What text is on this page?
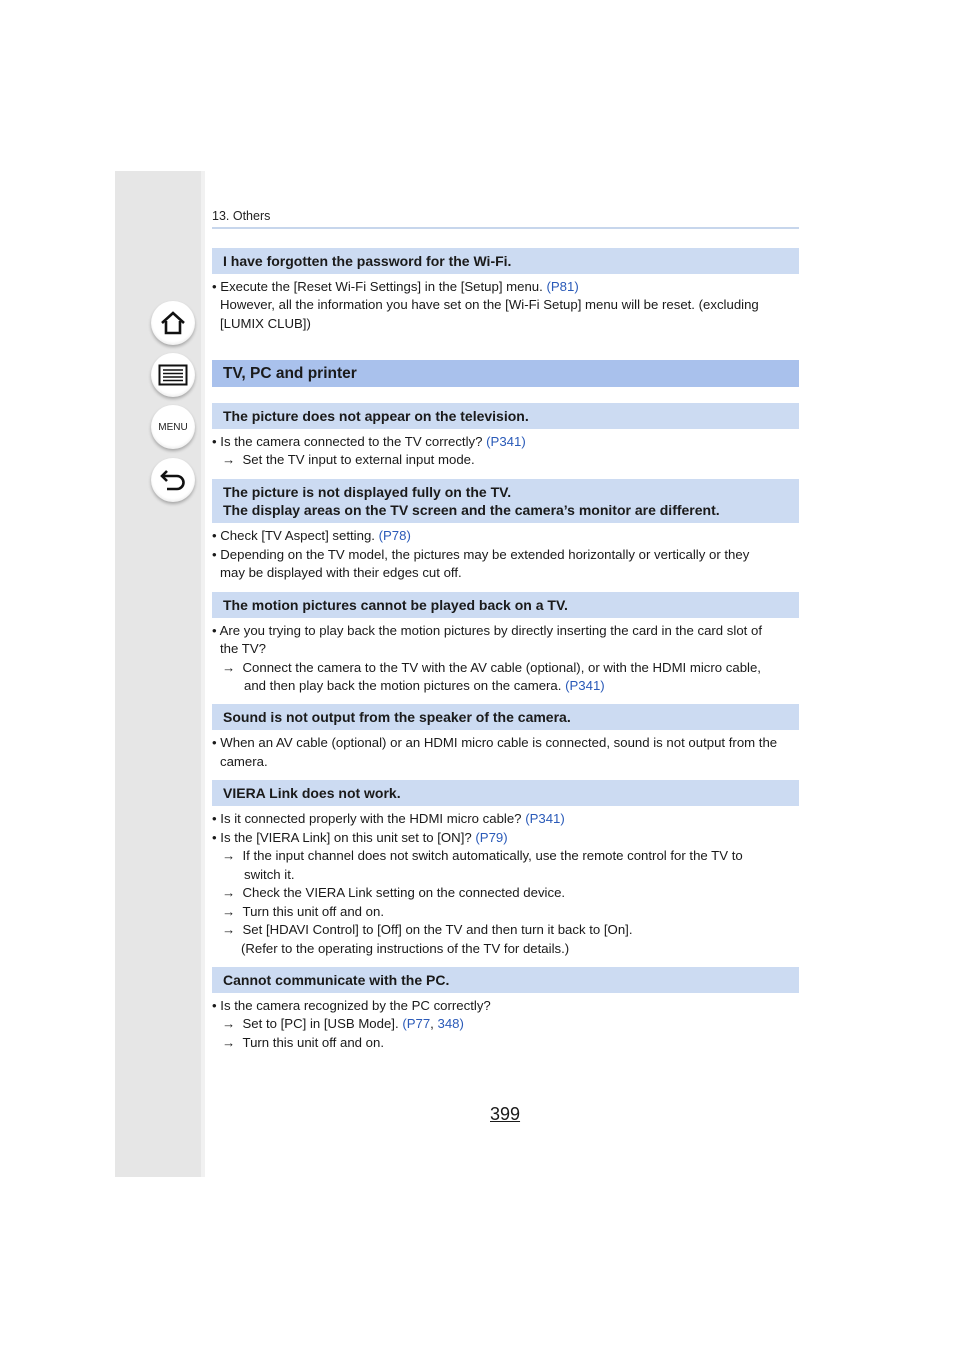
MENU
13. Others
I have forgotten the password for the Wi-Fi.
• Execute the [Reset Wi-Fi Settings] in the [Setup] menu. (P81)
However, all the information you have set on the [Wi-Fi Setup] menu will be reset. (excluding
[LUMIX CLUB])
TV, PC and printer
The picture does not appear on the television.
• Is the camera connected to the TV correctly? (P341)
→  Set the TV input to external input mode.
The picture is not displayed fully on the TV.
The display areas on the TV screen and the camera’s monitor are different.
• Check [TV Aspect] setting. (P78)
• Depending on the TV model, the pictures may be extended horizontally or vertically or they
may be displayed with their edges cut off.
The motion pictures cannot be played back on a TV.
• Are you trying to play back the motion pictures by directly inserting the card in the card slot of
the TV?
→  Connect the camera to the TV with the AV cable (optional), or with the HDMI micro cable,
and then play back the motion pictures on the camera. (P341)
Sound is not output from the speaker of the camera.
• When an AV cable (optional) or an HDMI micro cable is connected, sound is not output from the
camera.
VIERA Link does not work.
• Is it connected properly with the HDMI micro cable? (P341)
• Is the [VIERA Link] on this unit set to [ON]? (P79)
→  If the input channel does not switch automatically, use the remote control for the TV to
switch it.
→  Check the VIERA Link setting on the connected device.
→  Turn this unit off and on.
→  Set [HDAVI Control] to [Off] on the TV and then turn it back to [On].
(Refer to the operating instructions of the TV for details.)
Cannot communicate with the PC.
• Is the camera recognized by the PC correctly?
→  Set to [PC] in [USB Mode]. (P77, 348)
→  Turn this unit off and on.
399
